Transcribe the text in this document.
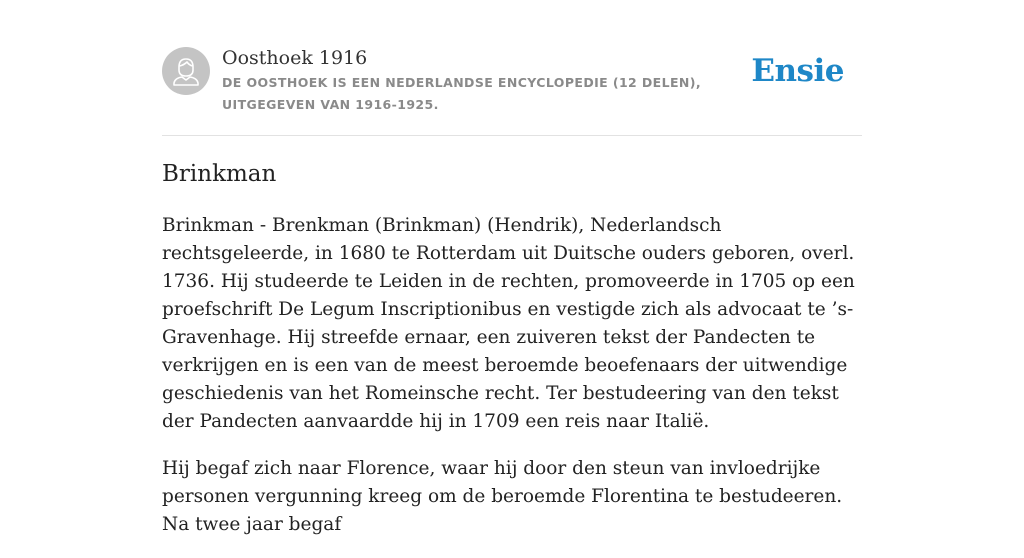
Oosthoek 1916
DE OOSTHOEK IS EEN NEDERLANDSE ENCYCLOPEDIE (12 DELEN), UITGEGEVEN VAN 1916-1925.
Ensie
Brinkman

Brinkman - Brenkman (Brinkman) (Hendrik), Nederlandsch rechtsgeleerde, in 1680 te Rotterdam uit Duitsche ouders geboren, overl. 1736. Hij studeerde te Leiden in de rechten, promoveerde in 1705 op een proefschrift De Legum Inscriptionibus en vestigde zich als advocaat te ’s-Gravenhage. Hij streefde ernaar, een zuiveren tekst der Pandecten te verkrijgen en is een van de meest beroemde beoefenaars der uitwendige geschiedenis van het Romeinsche recht. Ter bestudeering van den tekst der Pandecten aanvaardde hij in 1709 een reis naar Italië.

Hij begaf zich naar Florence, waar hij door den steun van invloedrijke personen vergunning kreeg om de beroemde Florentina te bestudeeren. Na twee jaar begaf
